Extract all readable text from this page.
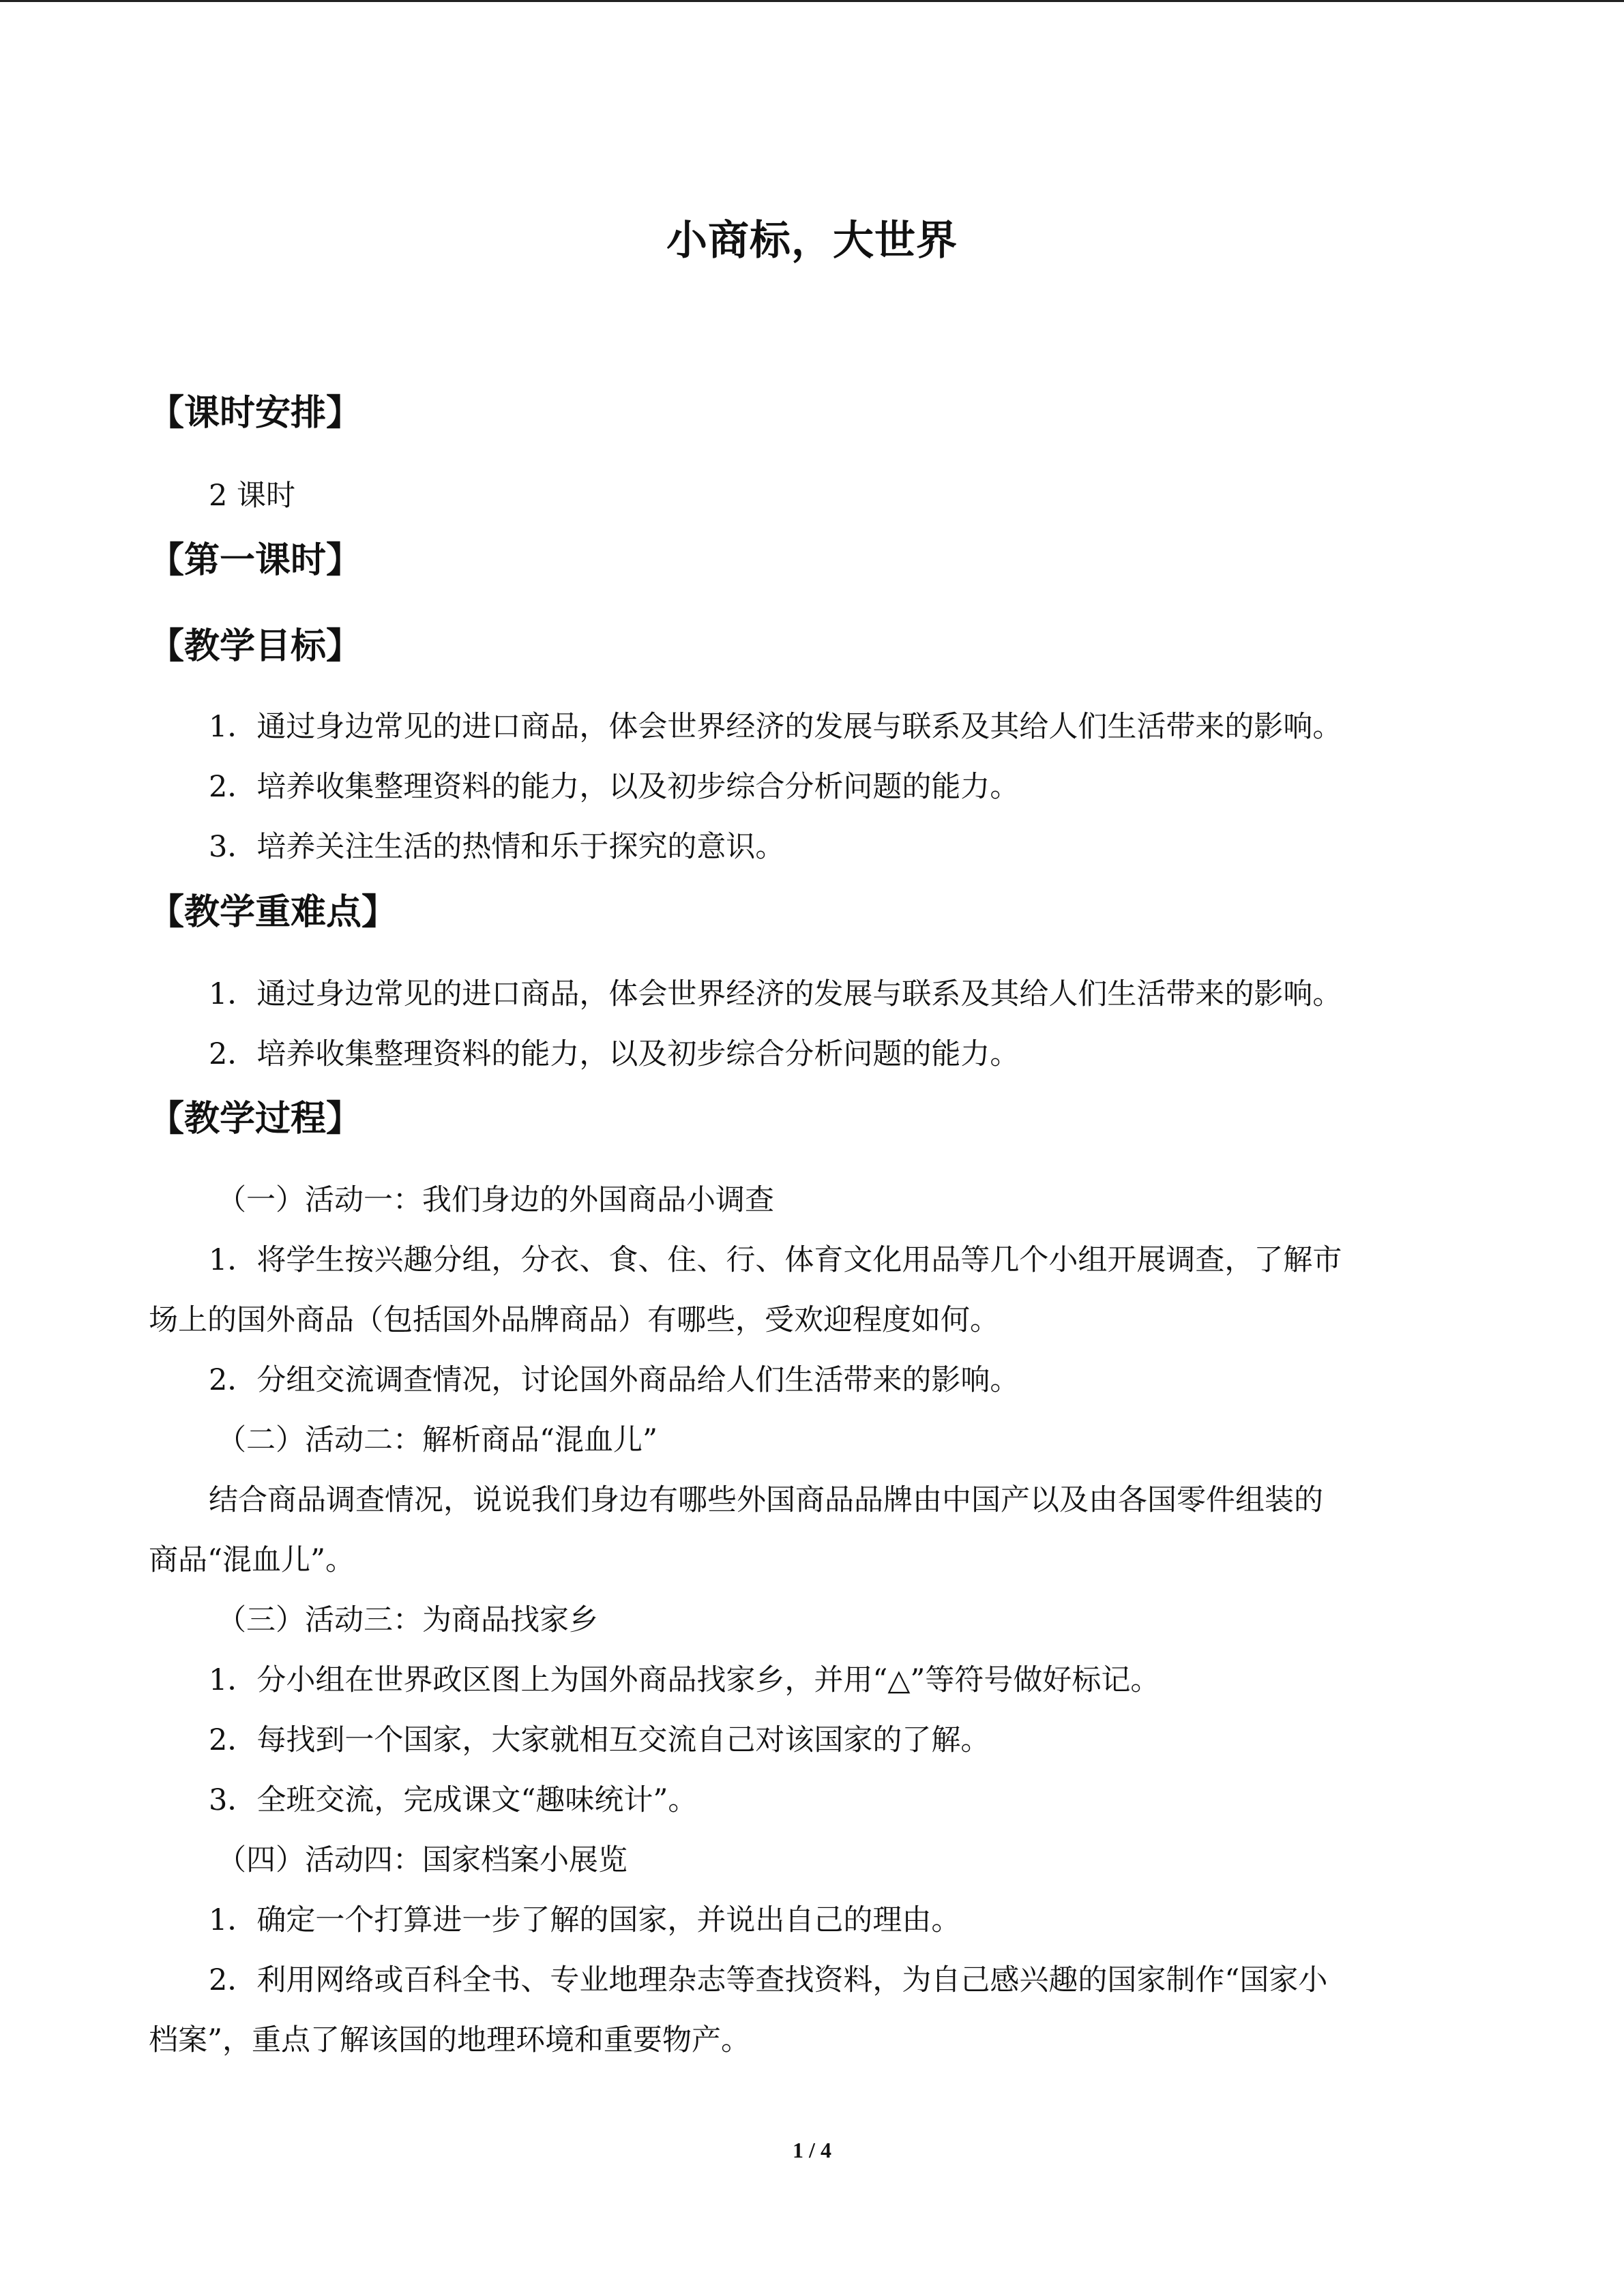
小商标，大世界
【课时安排】
2 课时
【第一课时】
【教学目标】
1．通过身边常见的进口商品，体会世界经济的发展与联系及其给人们生活带来的影响。
2．培养收集整理资料的能力，以及初步综合分析问题的能力。
3．培养关注生活的热情和乐于探究的意识。
【教学重难点】
1．通过身边常见的进口商品，体会世界经济的发展与联系及其给人们生活带来的影响。
2．培养收集整理资料的能力，以及初步综合分析问题的能力。
【教学过程】
（一）活动一：我们身边的外国商品小调查
1．将学生按兴趣分组，分衣、食、住、行、体育文化用品等几个小组开展调查，了解市
场上的国外商品（包括国外品牌商品）有哪些，受欢迎程度如何。
2．分组交流调查情况，讨论国外商品给人们生活带来的影响。
（二）活动二：解析商品“混血儿”
结合商品调查情况，说说我们身边有哪些外国商品品牌由中国产以及由各国零件组装的
商品“混血儿”。
（三）活动三：为商品找家乡
1．分小组在世界政区图上为国外商品找家乡，并用“△”等符号做好标记。
2．每找到一个国家，大家就相互交流自己对该国家的了解。
3．全班交流，完成课文“趣味统计”。
（四）活动四：国家档案小展览
1．确定一个打算进一步了解的国家，并说出自己的理由。
2．利用网络或百科全书、专业地理杂志等查找资料，为自己感兴趣的国家制作“国家小
档案”，重点了解该国的地理环境和重要物产。
1 / 4
